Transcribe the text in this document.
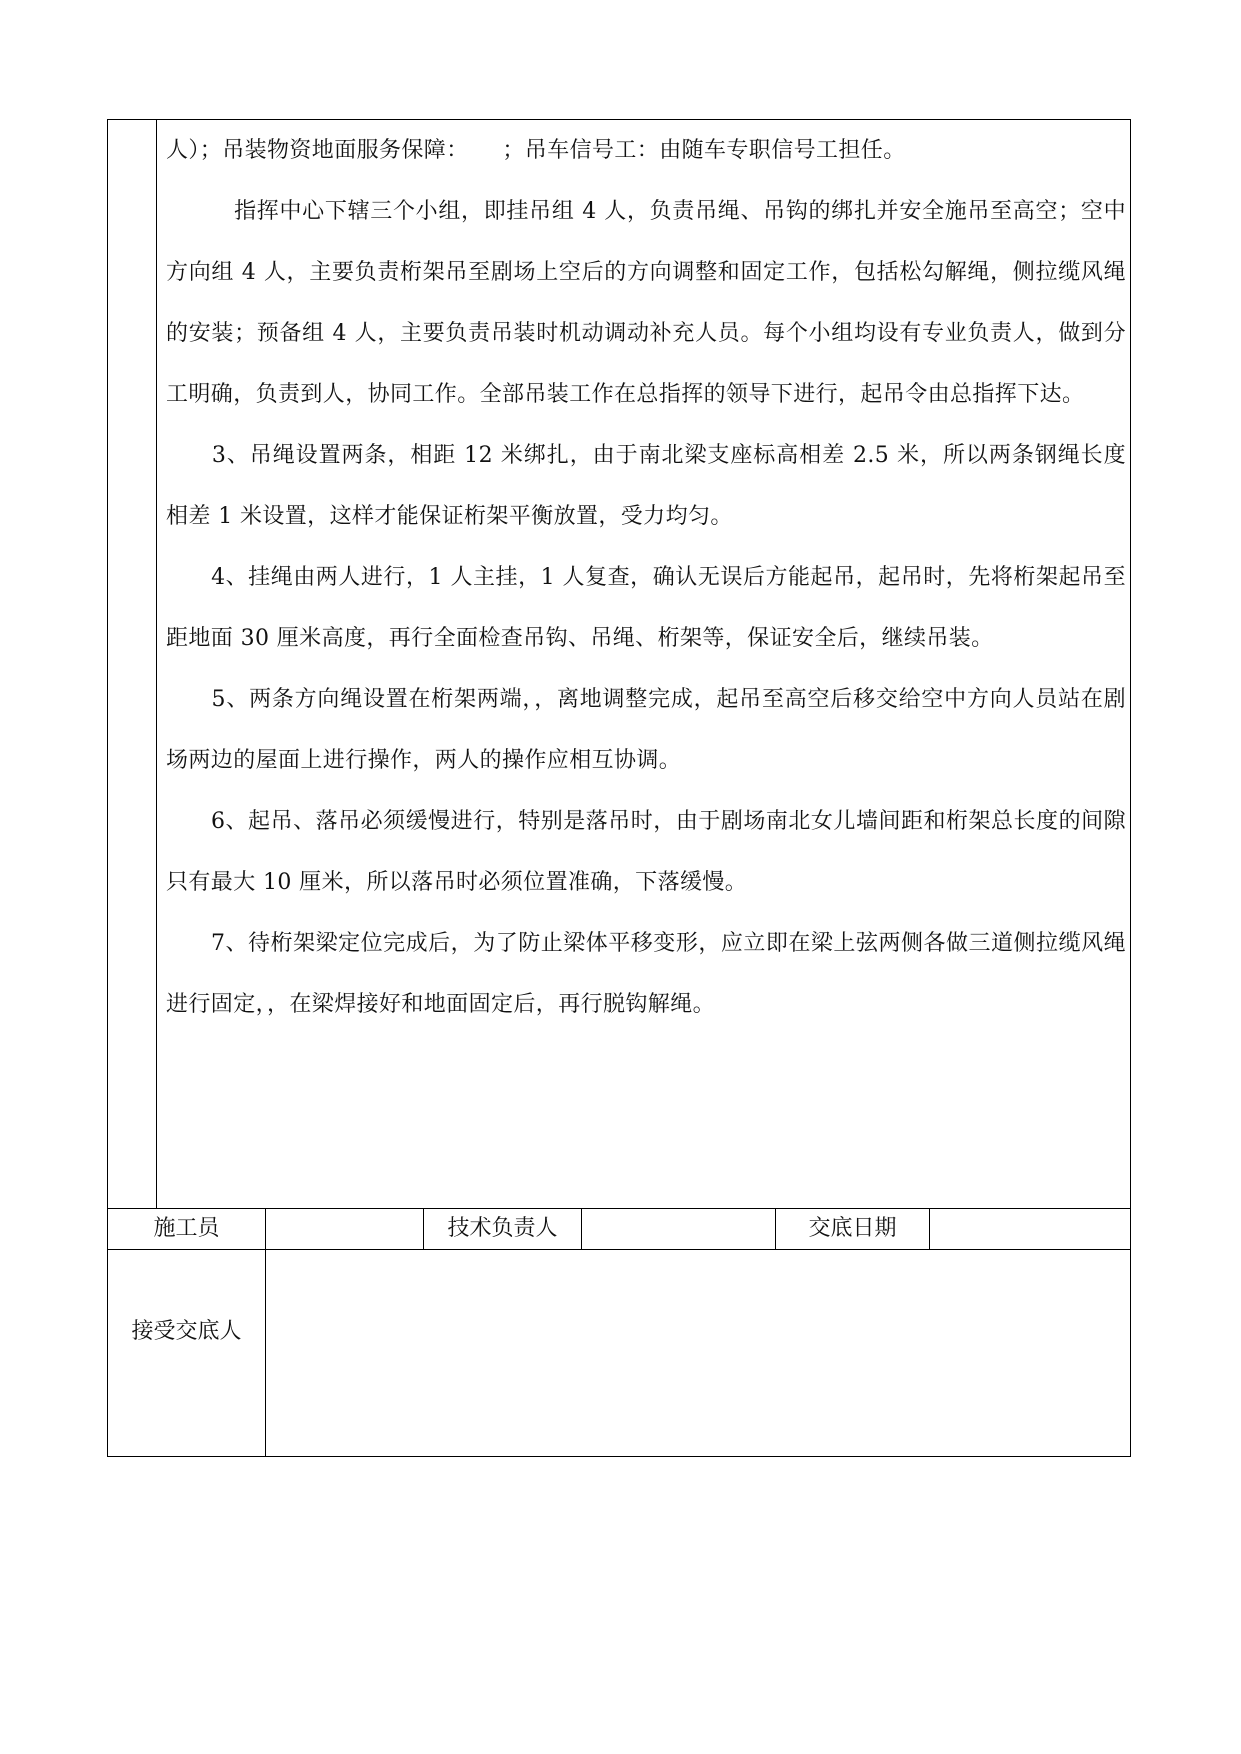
人）；吊装物资地面服务保障：　　；吊车信号工：由随车专职信号工担任。

　　　指挥中心下辖三个小组，即挂吊组 4 人，负责吊绳、吊钩的绑扎并安全施吊至高空；空中方向组 4 人，主要负责桁架吊至剧场上空后的方向调整和固定工作，包括松勾解绳，侧拉缆风绳的安装；预备组 4 人，主要负责吊装时机动调动补充人员。每个小组均设有专业负责人，做到分工明确，负责到人，协同工作。全部吊装工作在总指挥的领导下进行，起吊令由总指挥下达。

　　3、吊绳设置两条，相距 12 米绑扎，由于南北梁支座标高相差 2.5 米，所以两条钢绳长度相差 1 米设置，这样才能保证桁架平衡放置，受力均匀。

　　4、挂绳由两人进行，1 人主挂，1 人复查，确认无误后方能起吊，起吊时，先将桁架起吊至距地面 30 厘米高度，再行全面检查吊钩、吊绳、桁架等，保证安全后，继续吊装。

　　5、两条方向绳设置在桁架两端，，离地调整完成，起吊至高空后移交给空中方向人员站在剧场两边的屋面上进行操作，两人的操作应相互协调。

　　6、起吊、落吊必须缓慢进行，特别是落吊时，由于剧场南北女儿墙间距和桁架总长度的间隙只有最大 10 厘米，所以落吊时必须位置准确，下落缓慢。

　　7、待桁架梁定位完成后，为了防止梁体平移变形，应立即在梁上弦两侧各做三道侧拉缆风绳进行固定，，在梁焊接好和地面固定后，再行脱钩解绳。

施工员	技术负责人	交底日期
接受交底人
